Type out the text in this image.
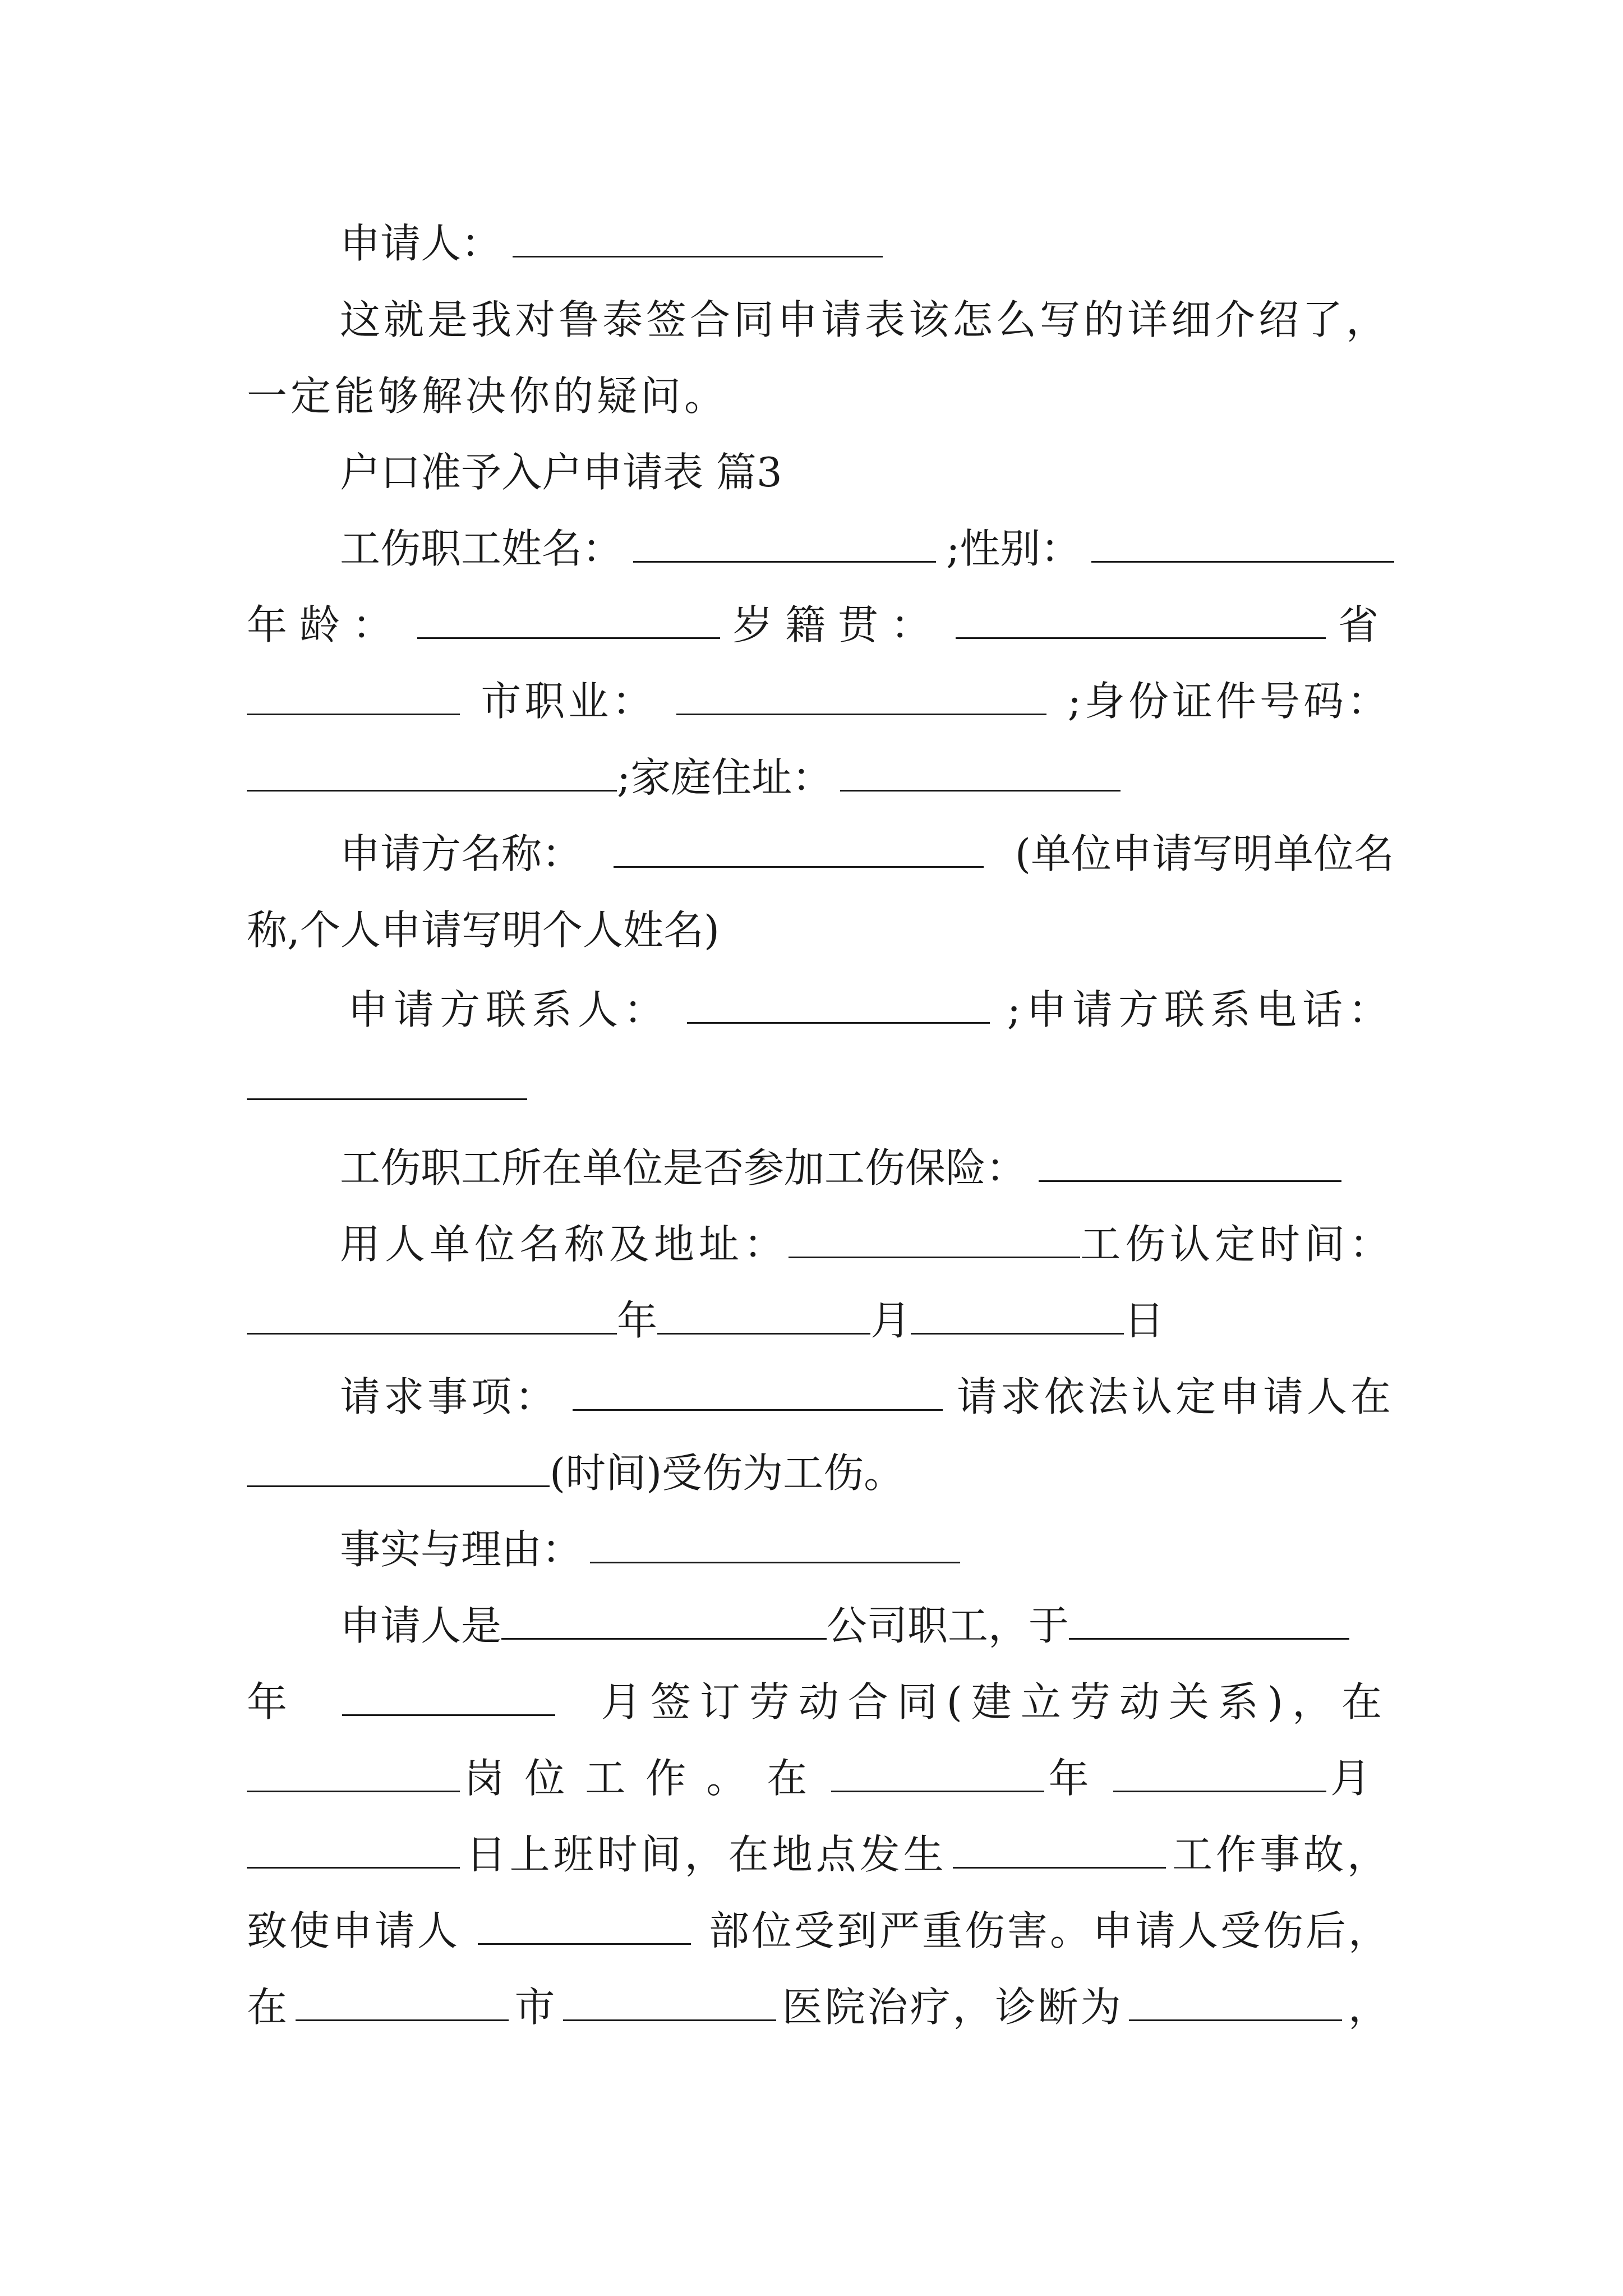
申请人：
这就是我对鲁泰签合同申请表该怎么写的详细介绍了，
一定能够解决你的疑问。
户口准予入户申请表 篇3
工伤职工姓名：	;性别：
年龄：	岁籍贯：	省
市职业：	;身份证件号码：
;家庭住址：
申请方名称：	(单位申请写明单位名
称,个人申请写明个人姓名)
申请方联系人：	;申请方联系电话：
工伤职工所在单位是否参加工伤保险：
用人单位名称及地址：	工伤认定时间：
年	月	日
请求事项：	请求依法认定申请人在
(时间)受伤为工伤。
事实与理由：
申请人是	公司职工，于
年	月签订劳动合同(建立劳动关系)，在
岗位工作。在	年	月
日上班时间，在地点发生	工作事故，
致使申请人	部位受到严重伤害。申请人受伤后，
在	市	医院治疗，诊断为	，
